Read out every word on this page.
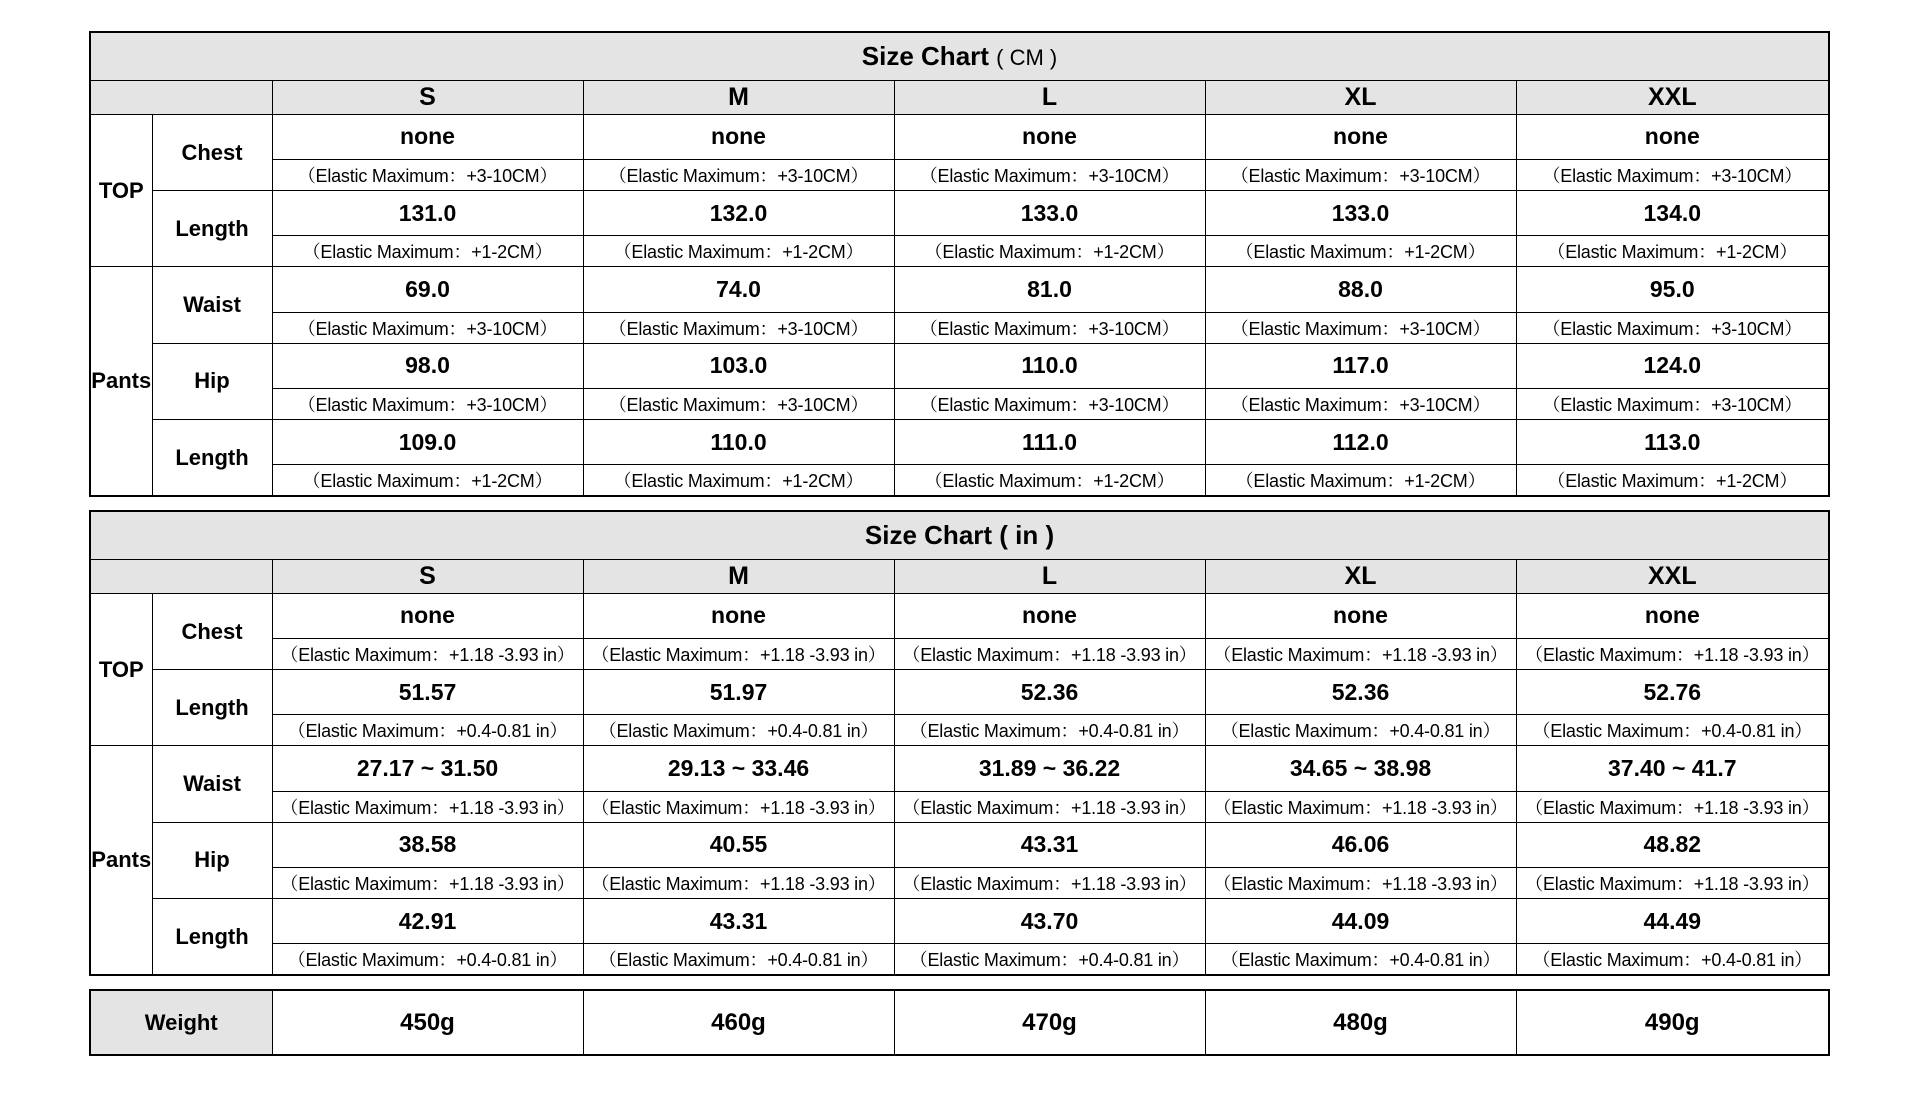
Size Chart ( CM )						
		S	M	L	XL	XXL
TOP	Chest	none	none	none	none	none
		（Elastic Maximum：+3-10CM）	（Elastic Maximum：+3-10CM）	（Elastic Maximum：+3-10CM）	（Elastic Maximum：+3-10CM）	（Elastic Maximum：+3-10CM）
	Length	131.0	132.0	133.0	133.0	134.0
		（Elastic Maximum：+1-2CM）	（Elastic Maximum：+1-2CM）	（Elastic Maximum：+1-2CM）	（Elastic Maximum：+1-2CM）	（Elastic Maximum：+1-2CM）
Pants	Waist	69.0	74.0	81.0	88.0	95.0
		（Elastic Maximum：+3-10CM）	（Elastic Maximum：+3-10CM）	（Elastic Maximum：+3-10CM）	（Elastic Maximum：+3-10CM）	（Elastic Maximum：+3-10CM）
	Hip	98.0	103.0	110.0	117.0	124.0
		（Elastic Maximum：+3-10CM）	（Elastic Maximum：+3-10CM）	（Elastic Maximum：+3-10CM）	（Elastic Maximum：+3-10CM）	（Elastic Maximum：+3-10CM）
	Length	109.0	110.0	111.0	112.0	113.0
		（Elastic Maximum：+1-2CM）	（Elastic Maximum：+1-2CM）	（Elastic Maximum：+1-2CM）	（Elastic Maximum：+1-2CM）	（Elastic Maximum：+1-2CM）
Size Chart ( in )						
		S	M	L	XL	XXL
TOP	Chest	none	none	none	none	none
		（Elastic Maximum：+1.18 -3.93 in）	（Elastic Maximum：+1.18 -3.93 in）	（Elastic Maximum：+1.18 -3.93 in）	（Elastic Maximum：+1.18 -3.93 in）	（Elastic Maximum：+1.18 -3.93 in）
	Length	51.57	51.97	52.36	52.36	52.76
		（Elastic Maximum：+0.4-0.81 in）	（Elastic Maximum：+0.4-0.81 in）	（Elastic Maximum：+0.4-0.81 in）	（Elastic Maximum：+0.4-0.81 in）	（Elastic Maximum：+0.4-0.81 in）
Pants	Waist	27.17 ~ 31.50	29.13 ~ 33.46	31.89 ~ 36.22	34.65 ~ 38.98	37.40 ~ 41.7
		（Elastic Maximum：+1.18 -3.93 in）	（Elastic Maximum：+1.18 -3.93 in）	（Elastic Maximum：+1.18 -3.93 in）	（Elastic Maximum：+1.18 -3.93 in）	（Elastic Maximum：+1.18 -3.93 in）
	Hip	38.58	40.55	43.31	46.06	48.82
		（Elastic Maximum：+1.18 -3.93 in）	（Elastic Maximum：+1.18 -3.93 in）	（Elastic Maximum：+1.18 -3.93 in）	（Elastic Maximum：+1.18 -3.93 in）	（Elastic Maximum：+1.18 -3.93 in）
	Length	42.91	43.31	43.70	44.09	44.49
		（Elastic Maximum：+0.4-0.81 in）	（Elastic Maximum：+0.4-0.81 in）	（Elastic Maximum：+0.4-0.81 in）	（Elastic Maximum：+0.4-0.81 in）	（Elastic Maximum：+0.4-0.81 in）
Weight	450g	460g	470g	480g	490g
